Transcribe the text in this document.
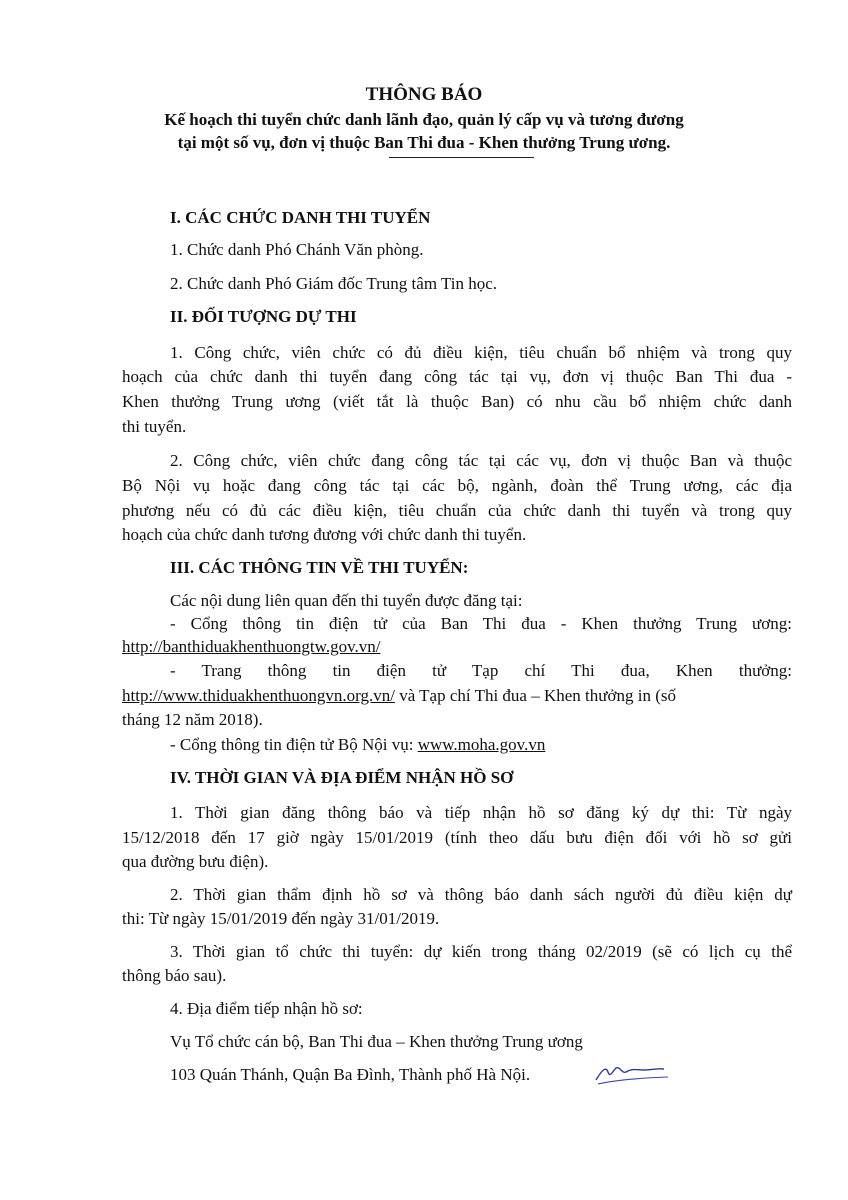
THÔNG BÁO
Kế hoạch thi tuyển chức danh lãnh đạo, quản lý cấp vụ và tương đương
tại một số vụ, đơn vị thuộc Ban Thi đua - Khen thưởng Trung ương.
I. CÁC CHỨC DANH THI TUYỂN
1. Chức danh Phó Chánh Văn phòng.
2. Chức danh Phó Giám đốc Trung tâm Tin học.
II. ĐỐI TƯỢNG DỰ THI
1. Công chức, viên chức có đủ điều kiện, tiêu chuẩn bổ nhiệm và trong quy
hoạch của chức danh thi tuyển đang công tác tại vụ, đơn vị thuộc Ban Thi đua -
Khen thưởng Trung ương (viết tắt là thuộc Ban) có nhu cầu bổ nhiệm chức danh
thi tuyển.
2. Công chức, viên chức đang công tác tại các vụ, đơn vị thuộc Ban và thuộc
Bộ Nội vụ hoặc đang công tác tại các bộ, ngành, đoàn thể Trung ương, các địa
phương nếu có đủ các điều kiện, tiêu chuẩn của chức danh thi tuyển và trong quy
hoạch của chức danh tương đương với chức danh thi tuyển.
III. CÁC THÔNG TIN VỀ THI TUYỂN:
Các nội dung liên quan đến thi tuyển được đăng tại:
- Cổng thông tin điện tử của Ban Thi đua - Khen thưởng Trung ương:
http://banthiduakhenthuongtw.gov.vn/
- Trang thông tin điện tử Tạp chí Thi đua, Khen thưởng:
http://www.thiduakhenthuongvn.org.vn/ và Tạp chí Thi đua – Khen thưởng in (số
tháng 12 năm 2018).
- Cổng thông tin điện tử Bộ Nội vụ: www.moha.gov.vn
IV. THỜI GIAN VÀ ĐỊA ĐIỂM NHẬN HỒ SƠ
1. Thời gian đăng thông báo và tiếp nhận hồ sơ đăng ký dự thi: Từ ngày
15/12/2018 đến 17 giờ ngày 15/01/2019 (tính theo dấu bưu điện đối với hồ sơ gửi
qua đường bưu điện).
2. Thời gian thẩm định hồ sơ và thông báo danh sách người đủ điều kiện dự
thi: Từ ngày 15/01/2019 đến ngày 31/01/2019.
3. Thời gian tổ chức thi tuyển: dự kiến trong tháng 02/2019 (sẽ có lịch cụ thể
thông báo sau).
4. Địa điểm tiếp nhận hồ sơ:
Vụ Tổ chức cán bộ, Ban Thi đua – Khen thưởng Trung ương
103 Quán Thánh, Quận Ba Đình, Thành phố Hà Nội.
